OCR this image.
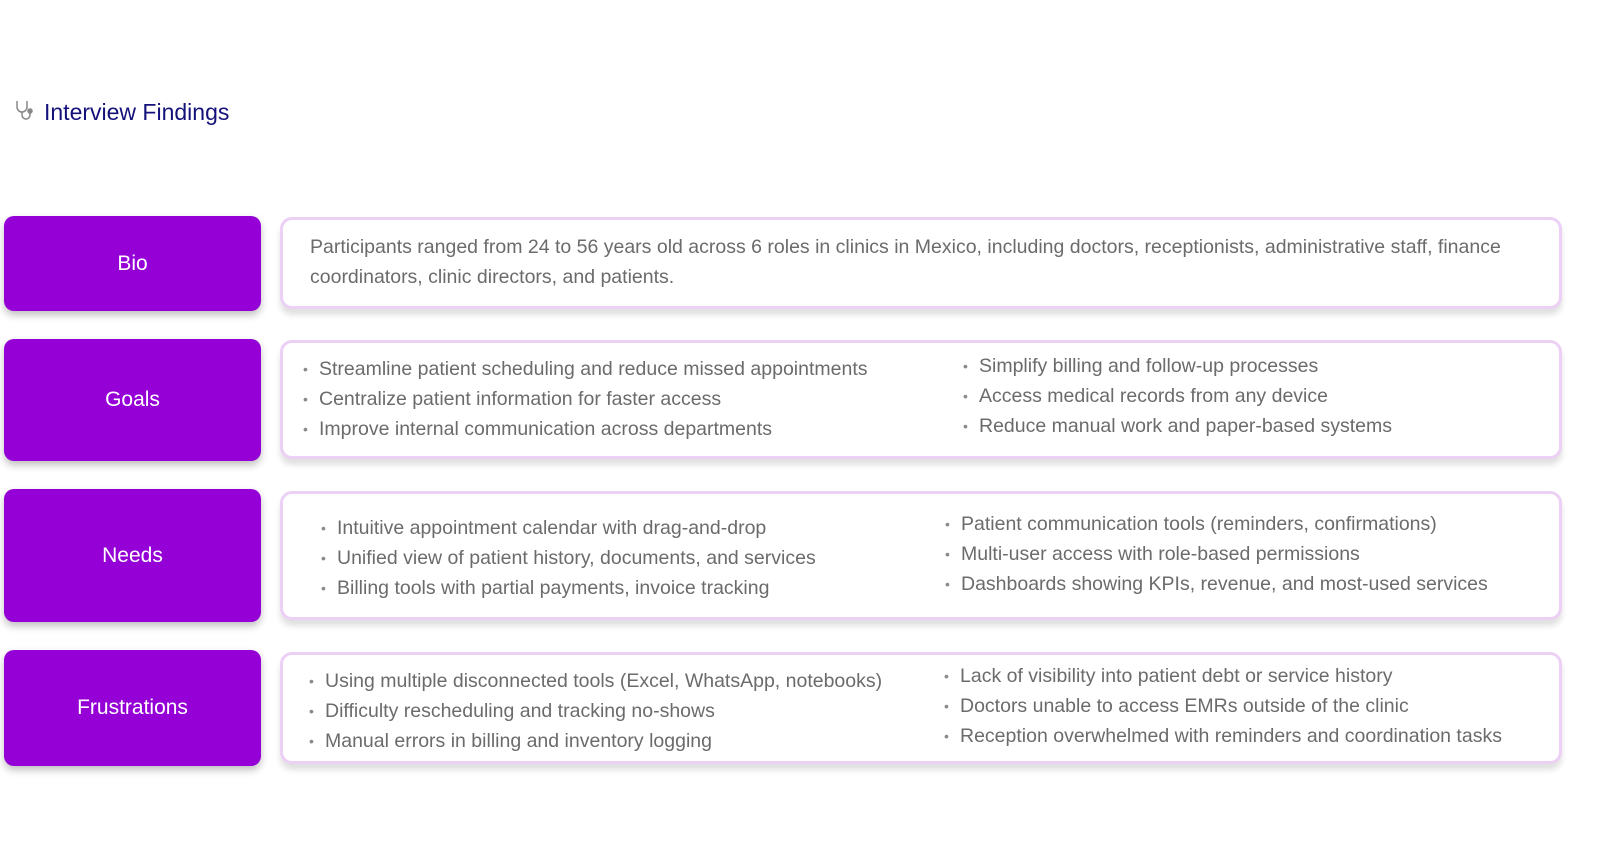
Interview Findings
Bio
Participants ranged from 24 to 56 years old across 6 roles in clinics in Mexico, including doctors, receptionists, administrative staff, finance coordinators, clinic directors, and patients.
Goals
• Streamline patient scheduling and reduce missed appointments
• Centralize patient information for faster access
• Improve internal communication across departments
• Simplify billing and follow-up processes
• Access medical records from any device
• Reduce manual work and paper-based systems
Needs
• Intuitive appointment calendar with drag-and-drop
• Unified view of patient history, documents, and services
• Billing tools with partial payments, invoice tracking
• Patient communication tools (reminders, confirmations)
• Multi-user access with role-based permissions
• Dashboards showing KPIs, revenue, and most-used services
Frustrations
• Using multiple disconnected tools (Excel, WhatsApp, notebooks)
• Difficulty rescheduling and tracking no-shows
• Manual errors in billing and inventory logging
• Lack of visibility into patient debt or service history
• Doctors unable to access EMRs outside of the clinic
• Reception overwhelmed with reminders and coordination tasks
